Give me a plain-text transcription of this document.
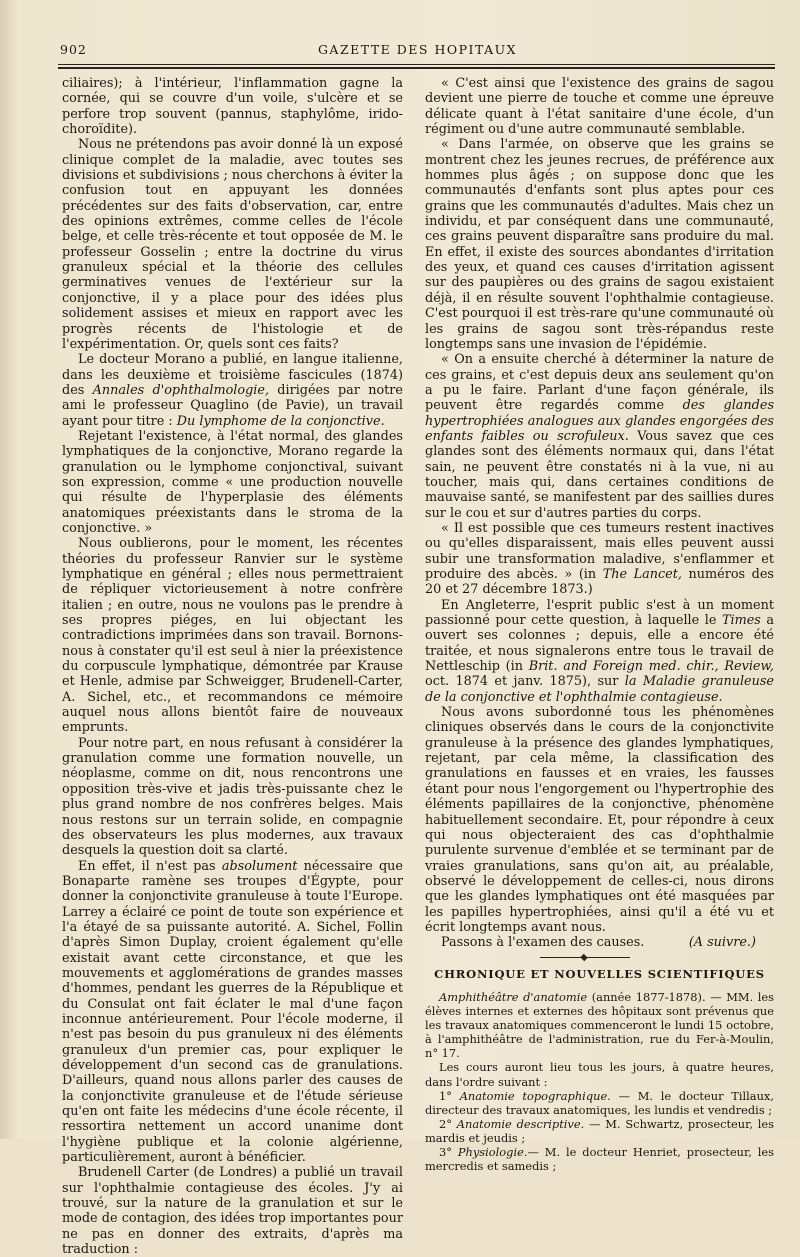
902	GAZETTE DES HOPITAUX

ciliaires); à l'intérieur, l'inflammation gagne la cornée, qui se couvre d'un voile, s'ulcère et se perfore trop souvent (pannus, staphylôme, irido-choroïdite).

Nous ne prétendons pas avoir donné là un exposé clinique complet de la maladie, avec toutes ses divisions et subdivisions ; nous cherchons à éviter la confusion tout en appuyant les données précédentes sur des faits d'observation, car, entre des opinions extrêmes, comme celles de l'école belge, et celle très-récente et tout opposée de M. le professeur Gosselin ; entre la doctrine du virus granuleux spécial et la théorie des cellules germinatives venues de l'extérieur sur la conjonctive, il y a place pour des idées plus solidement assises et mieux en rapport avec les progrès récents de l'histologie et de l'expérimentation. Or, quels sont ces faits?

Le docteur Morano a publié, en langue italienne, dans les deuxième et troisième fascicules (1874) des Annales d'ophthalmologie, dirigées par notre ami le professeur Quaglino (de Pavie), un travail ayant pour titre : Du lymphome de la conjonctive.

Rejetant l'existence, à l'état normal, des glandes lymphatiques de la conjonctive, Morano regarde la granulation ou le lymphome conjonctival, suivant son expression, comme « une production nouvelle qui résulte de l'hyperplasie des éléments anatomiques préexistants dans le stroma de la conjonctive. »

Nous oublierons, pour le moment, les récentes théories du professeur Ranvier sur le système lymphatique en général ; elles nous permettraient de répliquer victorieusement à notre confrère italien ; en outre, nous ne voulons pas le prendre à ses propres piéges, en lui objectant les contradictions imprimées dans son travail. Bornons-nous à constater qu'il est seul à nier la préexistence du corpuscule lymphatique, démontrée par Krause et Henle, admise par Schweigger, Brudenell-Carter, A. Sichel, etc., et recommandons ce mémoire auquel nous allons bientôt faire de nouveaux emprunts.

Pour notre part, en nous refusant à considérer la granulation comme une formation nouvelle, un néoplasme, comme on dit, nous rencontrons une opposition très-vive et jadis très-puissante chez le plus grand nombre de nos confrères belges. Mais nous restons sur un terrain solide, en compagnie des observateurs les plus modernes, aux travaux desquels la question doit sa clarté.

En effet, il n'est pas absolument nécessaire que Bonaparte ramène ses troupes d'Égypte, pour donner la conjonctivite granuleuse à toute l'Europe. Larrey a éclairé ce point de toute son expérience et l'a étayé de sa puissante autorité. A. Sichel, Follin d'après Simon Duplay, croient également qu'elle existait avant cette circonstance, et que les mouvements et agglomérations de grandes masses d'hommes, pendant les guerres de la République et du Consulat ont fait éclater le mal d'une façon inconnue antérieurement. Pour l'école moderne, il n'est pas besoin du pus granuleux ni des éléments granuleux d'un premier cas, pour expliquer le développement d'un second cas de granulations. D'ailleurs, quand nous allons parler des causes de la conjonctivite granuleuse et de l'étude sérieuse qu'en ont faite les médecins d'une école récente, il ressortira nettement un accord unanime dont l'hygiène publique et la colonie algérienne, particulièrement, auront à bénéficier.

Brudenell Carter (de Londres) a publié un travail sur l'ophthalmie contagieuse des écoles. J'y ai trouvé, sur la nature de la granulation et sur le mode de contagion, des idées trop importantes pour ne pas en donner des extraits, d'après ma traduction :

« C'est ainsi que l'existence des grains de sagou devient une pierre de touche et comme une épreuve délicate quant à l'état sanitaire d'une école, d'un régiment ou d'une autre communauté semblable.

« Dans l'armée, on observe que les grains se montrent chez les jeunes recrues, de préférence aux hommes plus âgés ; on suppose donc que les communautés d'enfants sont plus aptes pour ces grains que les communautés d'adultes. Mais chez un individu, et par conséquent dans une communauté, ces grains peuvent disparaître sans produire du mal. En effet, il existe des sources abondantes d'irritation des yeux, et quand ces causes d'irritation agissent sur des paupières ou des grains de sagou existaient déjà, il en résulte souvent l'ophthalmie contagieuse. C'est pourquoi il est très-rare qu'une communauté où les grains de sagou sont très-répandus reste longtemps sans une invasion de l'épidémie.

« On a ensuite cherché à déterminer la nature de ces grains, et c'est depuis deux ans seulement qu'on a pu le faire. Parlant d'une façon générale, ils peuvent être regardés comme des glandes hypertrophiées analogues aux glandes engorgées des enfants faibles ou scrofuleux. Vous savez que ces glandes sont des éléments normaux qui, dans l'état sain, ne peuvent être constatés ni à la vue, ni au toucher, mais qui, dans certaines conditions de mauvaise santé, se manifestent par des saillies dures sur le cou et sur d'autres parties du corps.

« Il est possible que ces tumeurs restent inactives ou qu'elles disparaissent, mais elles peuvent aussi subir une transformation maladive, s'enflammer et produire des abcès. » (in The Lancet, numéros des 20 et 27 décembre 1873.)

En Angleterre, l'esprit public s'est à un moment passionné pour cette question, à laquelle le Times a ouvert ses colonnes ; depuis, elle a encore été traitée, et nous signalerons entre tous le travail de Nettleschip (in Brit. and Foreign med. chir., Review, oct. 1874 et janv. 1875), sur la Maladie granuleuse de la conjonctive et l'ophthalmie contagieuse.

Nous avons subordonné tous les phénomènes cliniques observés dans le cours de la conjonctivite granuleuse à la présence des glandes lymphatiques, rejetant, par cela même, la classification des granulations en fausses et en vraies, les fausses étant pour nous l'engorgement ou l'hypertrophie des éléments papillaires de la conjonctive, phénomène habituellement secondaire. Et, pour répondre à ceux qui nous objecteraient des cas d'ophthalmie purulente survenue d'emblée et se terminant par de vraies granulations, sans qu'on ait, au préalable, observé le développement de celles-ci, nous dirons que les glandes lymphatiques ont été masquées par les papilles hypertrophiées, ainsi qu'il a été vu et écrit longtemps avant nous.

Passons à l'examen des causes.	(A suivre.)

CHRONIQUE ET NOUVELLES SCIENTIFIQUES

Amphithéâtre d'anatomie (année 1877-1878). — MM. les élèves internes et externes des hôpitaux sont prévenus que les travaux anatomiques commenceront le lundi 15 octobre, à l'amphithéâtre de l'administration, rue du Fer-à-Moulin, n° 17.

Les cours auront lieu tous les jours, à quatre heures, dans l'ordre suivant :

1° Anatomie topographique. — M. le docteur Tillaux, directeur des travaux anatomiques, les lundis et vendredis ;

2° Anatomie descriptive. — M. Schwartz, prosecteur, les mardis et jeudis ;

3° Physiologie.— M. le docteur Henriet, prosecteur, les mercredis et samedis ;
